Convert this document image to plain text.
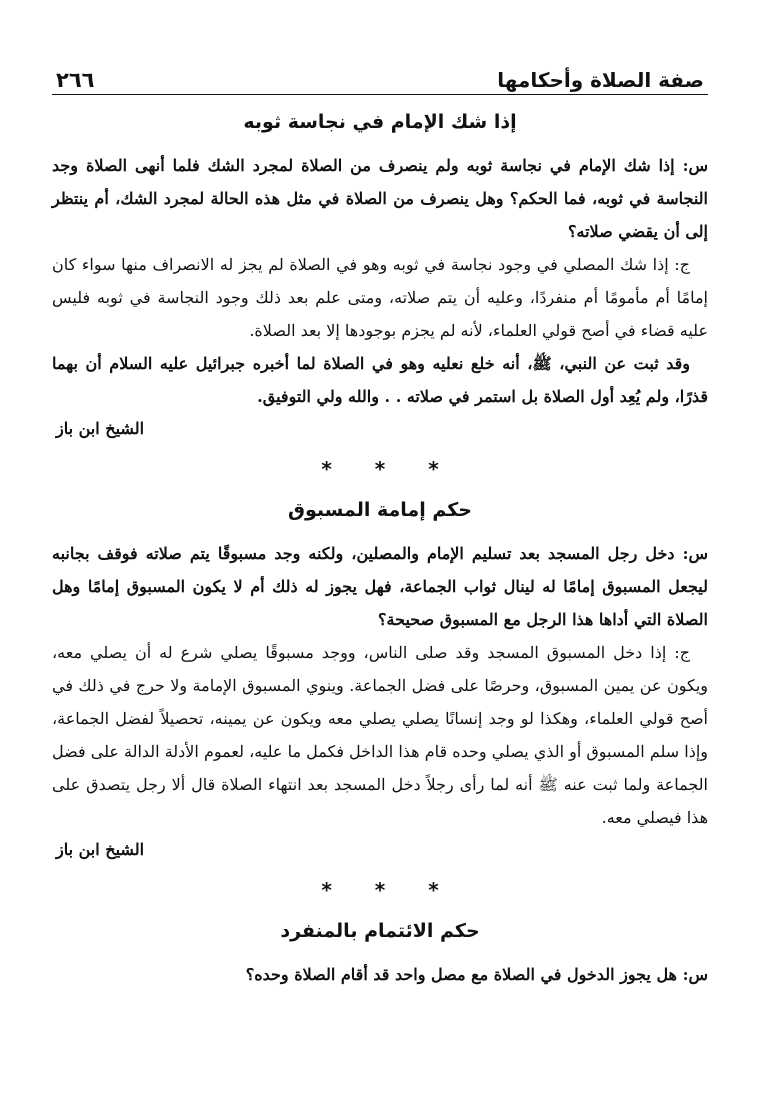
صفة الصلاة وأحكامها
٢٦٦
إذا شك الإمام في نجاسة ثوبه

س: إذا شك الإمام في نجاسة ثوبه ولم ينصرف من الصلاة لمجرد الشك فلما أنهى الصلاة وجد النجاسة في ثوبه، فما الحكم؟ وهل ينصرف من الصلاة في مثل هذه الحالة لمجرد الشك، أم ينتظر إلى أن يقضي صلاته؟

ج: إذا شك المصلي في وجود نجاسة في ثوبه وهو في الصلاة لم يجز له الانصراف منها سواء كان إمامًا أم مأمومًا أم منفردًا، وعليه أن يتم صلاته، ومتى علم بعد ذلك وجود النجاسة في ثوبه فليس عليه قضاء في أصح قولي العلماء، لأنه لم يجزم بوجودها إلا بعد الصلاة.

وقد ثبت عن النبي، ﷺ، أنه خلع نعليه وهو في الصلاة لما أخبره جبرائيل عليه السلام أن بهما قذرًا، ولم يُعِد أول الصلاة بل استمر في صلاته . . والله ولي التوفيق.

الشيخ ابن باز

* * *
حكم إمامة المسبوق

س: دخل رجل المسجد بعد تسليم الإمام والمصلين، ولكنه وجد مسبوقًا يتم صلاته فوقف بجانبه ليجعل المسبوق إمامًا له لينال ثواب الجماعة، فهل يجوز له ذلك أم لا يكون المسبوق إمامًا وهل الصلاة التي أداها هذا الرجل مع المسبوق صحيحة؟

ج: إذا دخل المسبوق المسجد وقد صلى الناس، ووجد مسبوقًا يصلي شرع له أن يصلي معه، ويكون عن يمين المسبوق، وحرصًا على فضل الجماعة. وينوي المسبوق الإمامة ولا حرج في ذلك في أصح قولي العلماء، وهكذا لو وجد إنسانًا يصلي يصلي معه ويكون عن يمينه، تحصيلاً لفضل الجماعة، وإذا سلم المسبوق أو الذي يصلي وحده قام هذا الداخل فكمل ما عليه، لعموم الأدلة الدالة على فضل الجماعة ولما ثبت عنه ﷺ أنه لما رأى رجلاً دخل المسجد بعد انتهاء الصلاة قال ألا رجل يتصدق على هذا فيصلي معه.

الشيخ ابن باز

* * *
حكم الائتمام بالمنفرد

س: هل يجوز الدخول في الصلاة مع مصل واحد قد أقام الصلاة وحده؟
